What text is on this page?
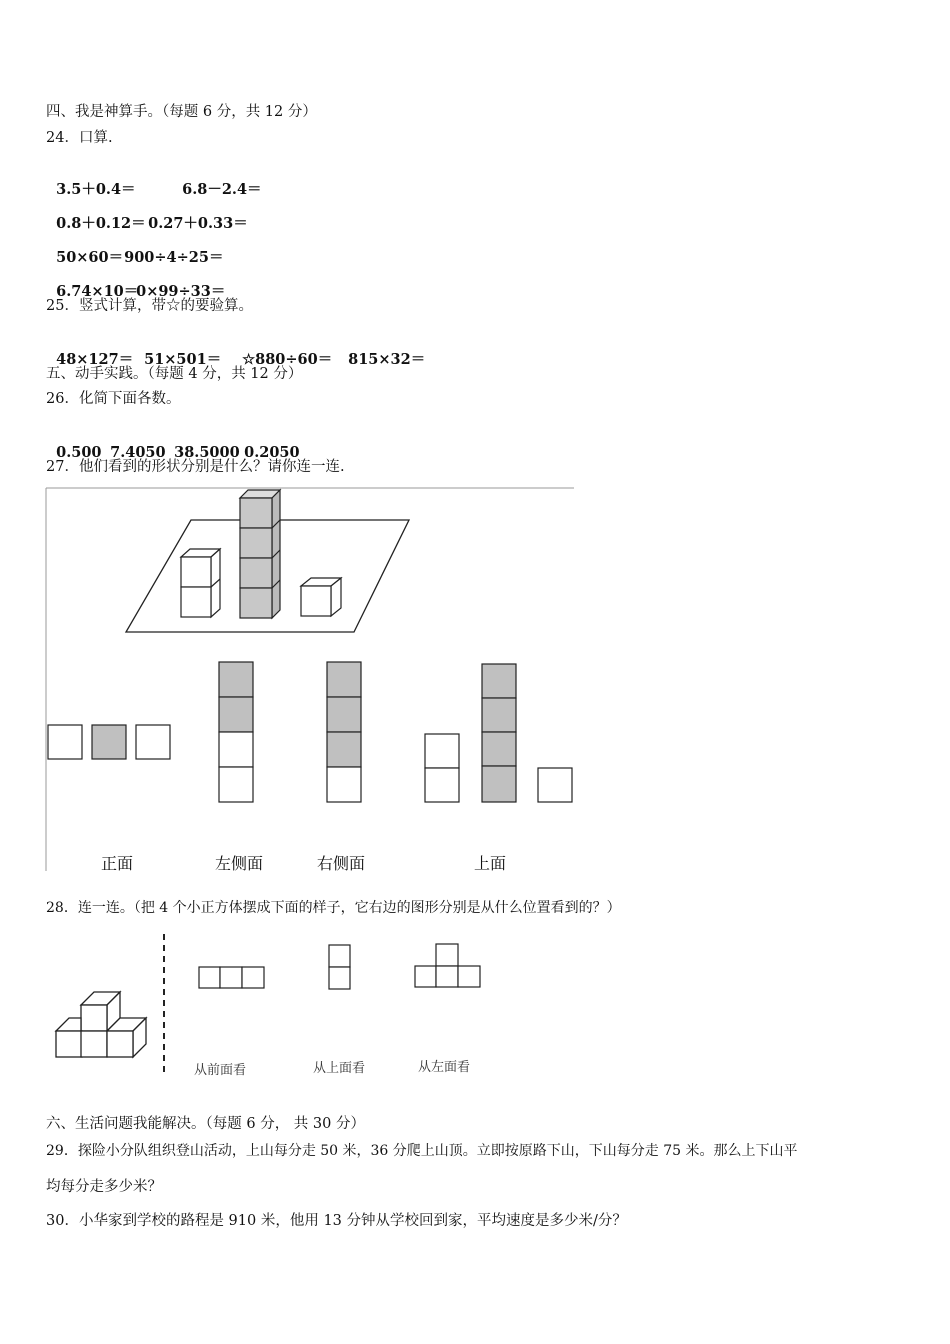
四、我是神算手。（每题 6 分，共 12 分）
24．口算.

3.5＋0.4＝	6.8－2.4＝

0.8＋0.12＝ 0.27＋0.33＝

50×60＝900÷4÷25＝

6.74×10＝0×99÷33＝

25．竖式计算，带☆的要验算。

48×127＝ 51×501＝ ☆880÷60＝ 815×32＝

五、动手实践。（每题 4 分，共 12 分）
26．化简下面各数。

0.500 7.4050 38.5000 0.2050

27．他们看到的形状分别是什么？请你连一连.
正面	左侧面	右侧面	上面
28．连一连。（把 4 个小正方体摆成下面的样子，它右边的图形分别是从什么位置看到的？）
从前面看	从上面看	从左面看
六、生活问题我能解决。（每题 6 分， 共 30 分）
29．探险小分队组织登山活动，上山每分走 50 米，36 分爬上山顶。立即按原路下山，下山每分走 75 米。那么上下山平
均每分走多少米？
30．小华家到学校的路程是 910 米，他用 13 分钟从学校回到家，平均速度是多少米/分？
